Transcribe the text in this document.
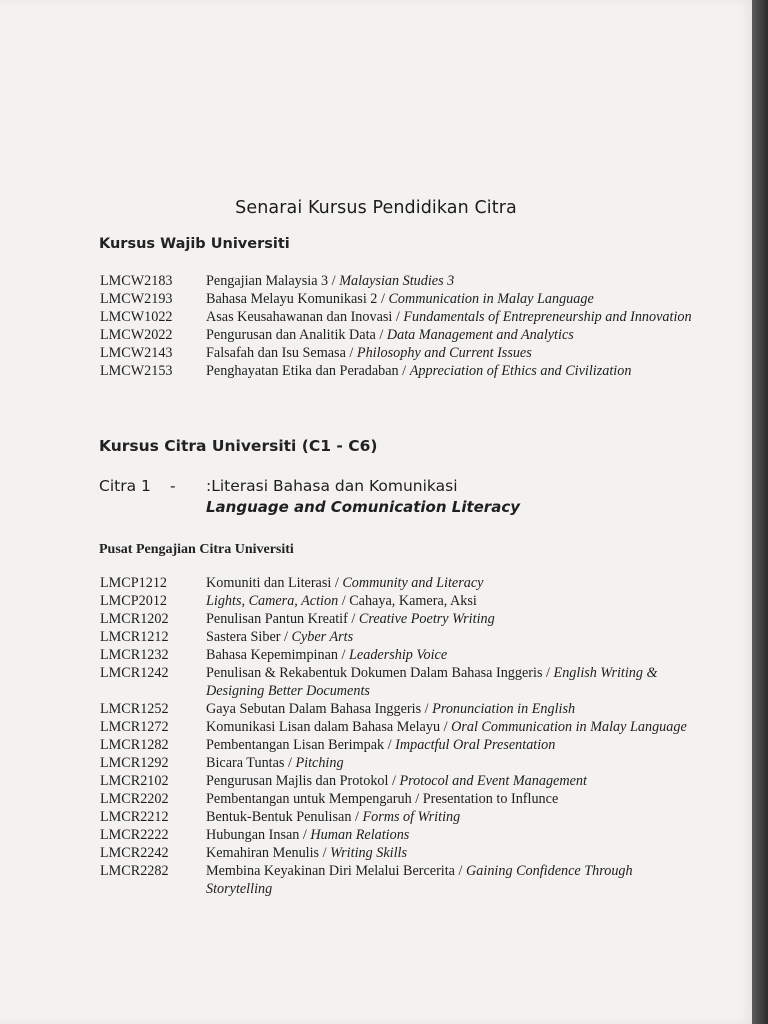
Senarai Kursus Pendidikan Citra
Kursus Wajib Universiti
LMCW2183 Pengajian Malaysia 3 / Malaysian Studies 3
LMCW2193 Bahasa Melayu Komunikasi 2 / Communication in Malay Language
LMCW1022 Asas Keusahawanan dan Inovasi / Fundamentals of Entrepreneurship and Innovation
LMCW2022 Pengurusan dan Analitik Data / Data Management and Analytics
LMCW2143 Falsafah dan Isu Semasa / Philosophy and Current Issues
LMCW2153 Penghayatan Etika dan Peradaban / Appreciation of Ethics and Civilization
Kursus Citra Universiti (C1 - C6)
Citra 1 - :Literasi Bahasa dan Komunikasi
Language and Comunication Literacy
Pusat Pengajian Citra Universiti
LMCP1212	Komuniti dan Literasi / Community and Literacy
LMCP2012	Lights, Camera, Action / Cahaya, Kamera, Aksi
LMCR1202	Penulisan Pantun Kreatif / Creative Poetry Writing
LMCR1212	Sastera Siber / Cyber Arts
LMCR1232	Bahasa Kepemimpinan / Leadership Voice
LMCR1242	Penulisan & Rekabentuk Dokumen Dalam Bahasa Inggeris / English Writing & Designing Better Documents
LMCR1252	Gaya Sebutan Dalam Bahasa Inggeris / Pronunciation in English
LMCR1272	Komunikasi Lisan dalam Bahasa Melayu / Oral Communication in Malay Language
LMCR1282	Pembentangan Lisan Berimpak / Impactful Oral Presentation
LMCR1292	Bicara Tuntas / Pitching
LMCR2102	Pengurusan Majlis dan Protokol / Protocol and Event Management
LMCR2202	Pembentangan untuk Mempengaruh / Presentation to Influnce
LMCR2212	Bentuk-Bentuk Penulisan / Forms of Writing
LMCR2222	Hubungan Insan / Human Relations
LMCR2242	Kemahiran Menulis / Writing Skills
LMCR2282	Membina Keyakinan Diri Melalui Bercerita / Gaining Confidence Through Storytelling
